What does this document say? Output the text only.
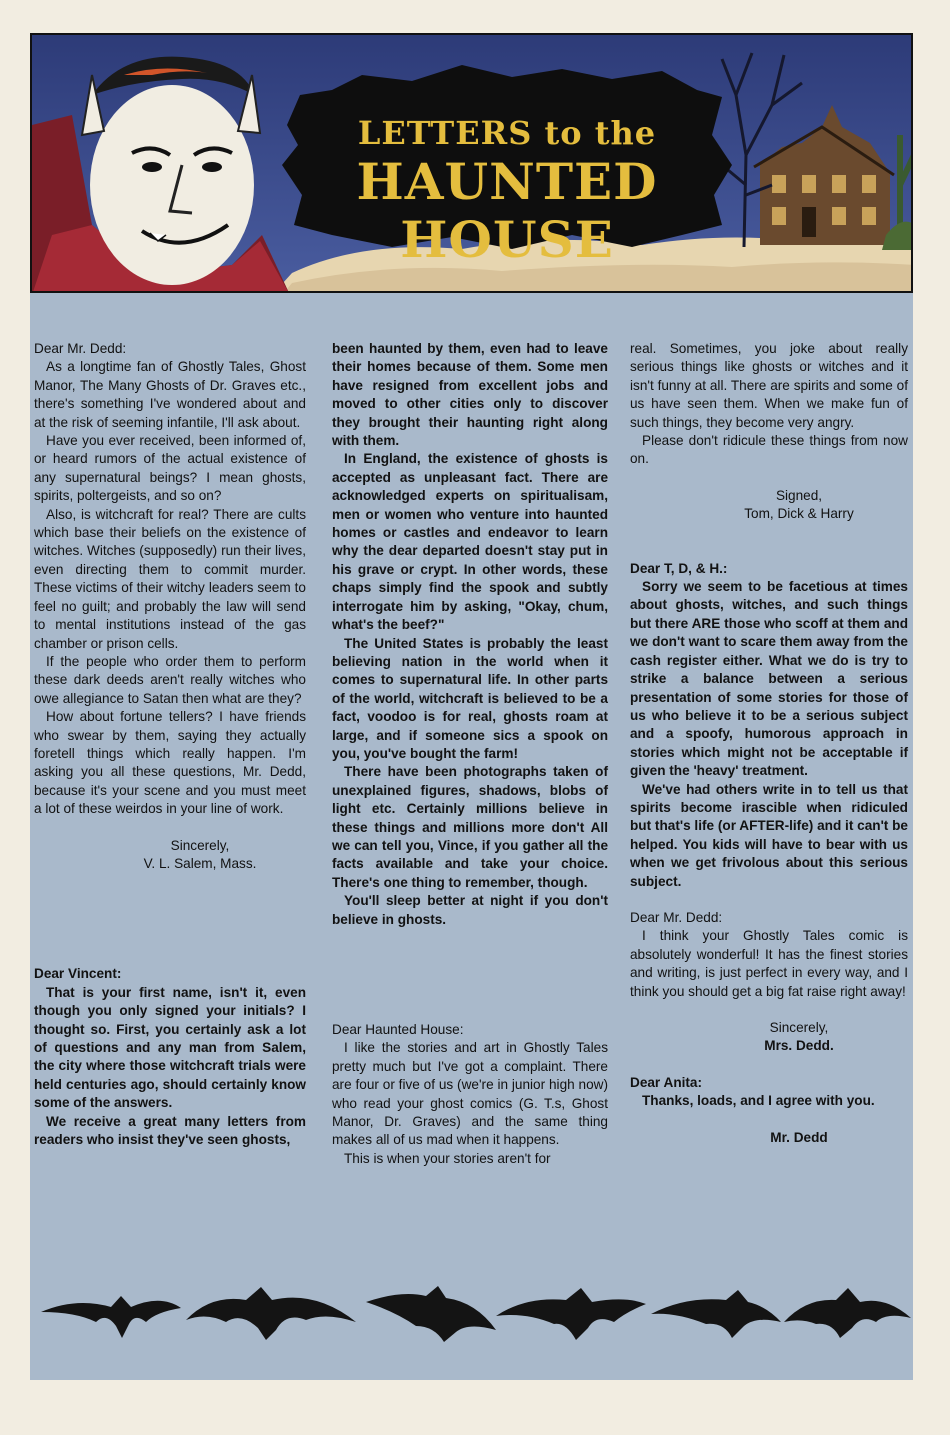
LETTERS to the
HAUNTED HOUSE

Dear Mr. Dedd:

As a longtime fan of Ghostly Tales, Ghost Manor, The Many Ghosts of Dr. Graves etc., there's something I've wondered about and at the risk of seeming infantile, I'll ask about.

Have you ever received, been informed of, or heard rumors of the actual existence of any supernatural beings? I mean ghosts, spirits, poltergeists, and so on?

Also, is witchcraft for real? There are cults which base their beliefs on the existence of witches. Witches (supposedly) run their lives, even directing them to commit murder. These victims of their witchy leaders seem to feel no guilt; and probably the law will send to mental institutions instead of the gas chamber or prison cells.

If the people who order them to perform these dark deeds aren't really witches who owe allegiance to Satan then what are they?

How about fortune tellers? I have friends who swear by them, saying they actually foretell things which really happen. I'm asking you all these questions, Mr. Dedd, because it's your scene and you must meet a lot of these weirdos in your line of work.

Sincerely,

V. L. Salem, Mass.

Dear Vincent:

That is your first name, isn't it, even though you only signed your initials? I thought so. First, you certainly ask a lot of questions and any man from Salem, the city where those witchcraft trials were held centuries ago, should certainly know some of the answers.

We receive a great many letters from readers who insist they've seen ghosts,

been haunted by them, even had to leave their homes because of them. Some men have resigned from excellent jobs and moved to other cities only to discover they brought their haunting right along with them.

In England, the existence of ghosts is accepted as unpleasant fact. There are acknowledged experts on spiritualisam, men or women who venture into haunted homes or castles and endeavor to learn why the dear departed doesn't stay put in his grave or crypt. In other words, these chaps simply find the spook and subtly interrogate him by asking, "Okay, chum, what's the beef?"

The United States is probably the least believing nation in the world when it comes to supernatural life. In other parts of the world, witchcraft is believed to be a fact, voodoo is for real, ghosts roam at large, and if someone sics a spook on you, you've bought the farm!

There have been photographs taken of unexplained figures, shadows, blobs of light etc. Certainly millions believe in these things and millions more don't All we can tell you, Vince, if you gather all the facts available and take your choice. There's one thing to remember, though.

You'll sleep better at night if you don't believe in ghosts.

Dear Haunted House:

I like the stories and art in Ghostly Tales pretty much but I've got a complaint. There are four or five of us (we're in junior high now) who read your ghost comics (G. T.s, Ghost Manor, Dr. Graves) and the same thing makes all of us mad when it happens.

This is when your stories aren't for

real. Sometimes, you joke about really serious things like ghosts or witches and it isn't funny at all. There are spirits and some of us have seen them. When we make fun of such things, they become very angry.

Please don't ridicule these things from now on.

Signed,

Tom, Dick & Harry

Dear T, D, & H.:

Sorry we seem to be facetious at times about ghosts, witches, and such things but there ARE those who scoff at them and we don't want to scare them away from the cash register either. What we do is try to strike a balance between a serious presentation of some stories for those of us who believe it to be a serious subject and a spoofy, humorous approach in stories which might not be acceptable if given the 'heavy' treatment.

We've had others write in to tell us that spirits become irascible when ridiculed but that's life (or AFTER-life) and it can't be helped. You kids will have to bear with us when we get frivolous about this serious subject.

Dear Mr. Dedd:

I think your Ghostly Tales comic is absolutely wonderful! It has the finest stories and writing, is just perfect in every way, and I think you should get a big fat raise right away!

Sincerely,

Mrs. Dedd.

Dear Anita:

Thanks, loads, and I agree with you.

Mr. Dedd
